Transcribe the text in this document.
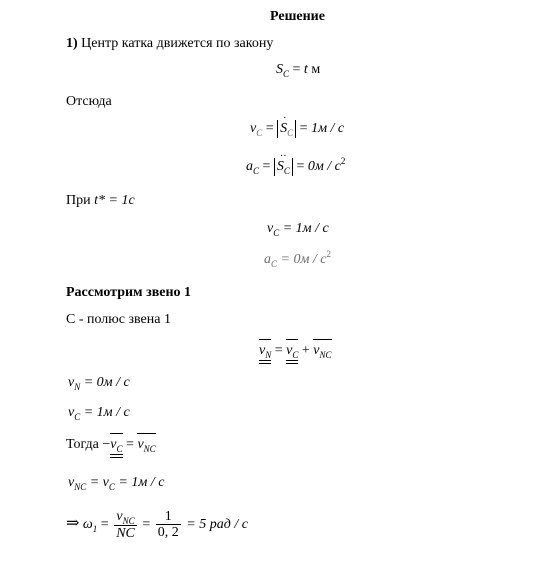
Решение
1) Центр катка движется по закону
$S_C = t$ м
Отсюда
$v_C$ =
·
$S_C = 1м / с$
$a_C$ =
··
$S_C = 0м / с^2$
При t* = 1с
$v_C = 1м / с$
$a_C = 0м / с^2$
Рассмотрим звено 1
С - полюс звена 1
$v_N = v_C + v_{NC}$
$v_N = 0м / с$
$v_C = 1м / с$
Тогда $-v_C = v_{NC}$
$v_{NC} = v_C = 1м / с$
⇒ $\omega_1 = \frac{v_{NC}}{NC} = \frac{1}{0, 2} = 5$ рад / с
